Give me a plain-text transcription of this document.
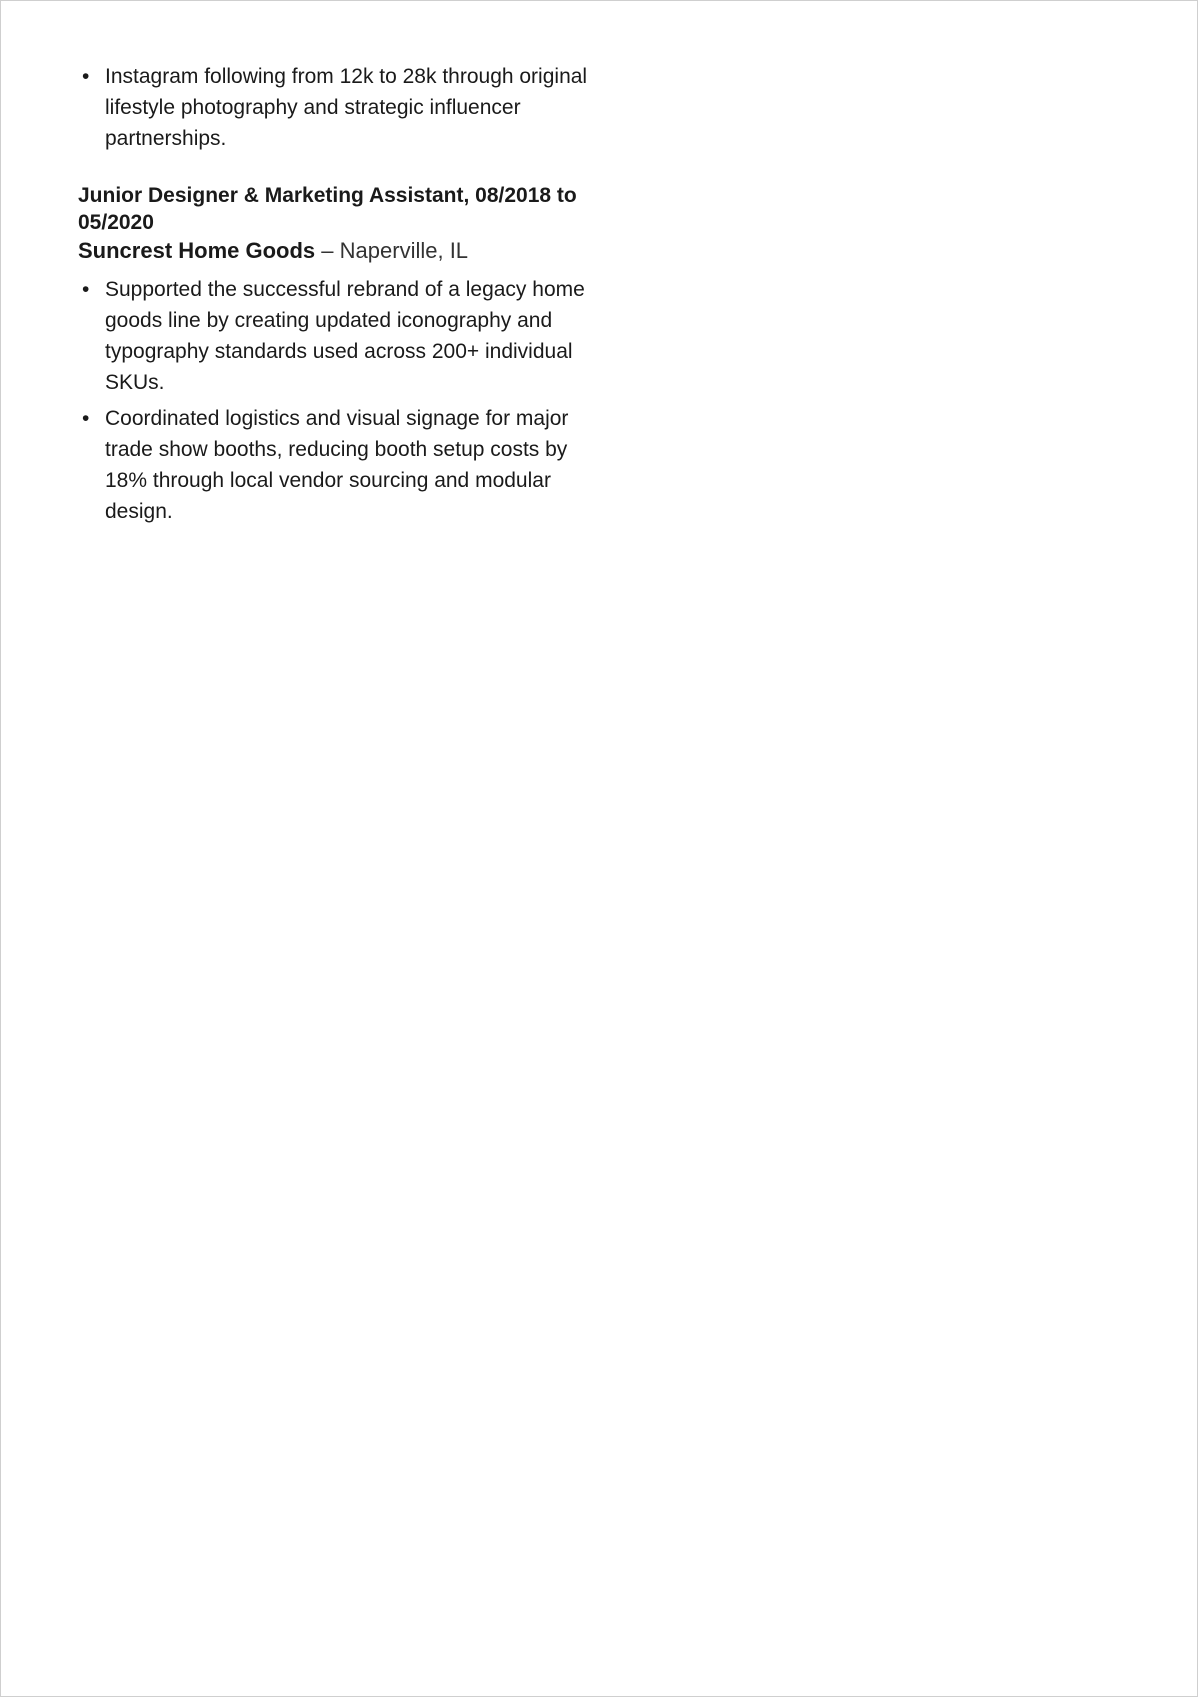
• Instagram following from 12k to 28k through original lifestyle photography and strategic influencer partnerships.

Junior Designer & Marketing Assistant, 08/2018 to 05/2020

Suncrest Home Goods – Naperville, IL

• Supported the successful rebrand of a legacy home goods line by creating updated iconography and typography standards used across 200+ individual SKUs.
• Coordinated logistics and visual signage for major trade show booths, reducing booth setup costs by 18% through local vendor sourcing and modular design.
